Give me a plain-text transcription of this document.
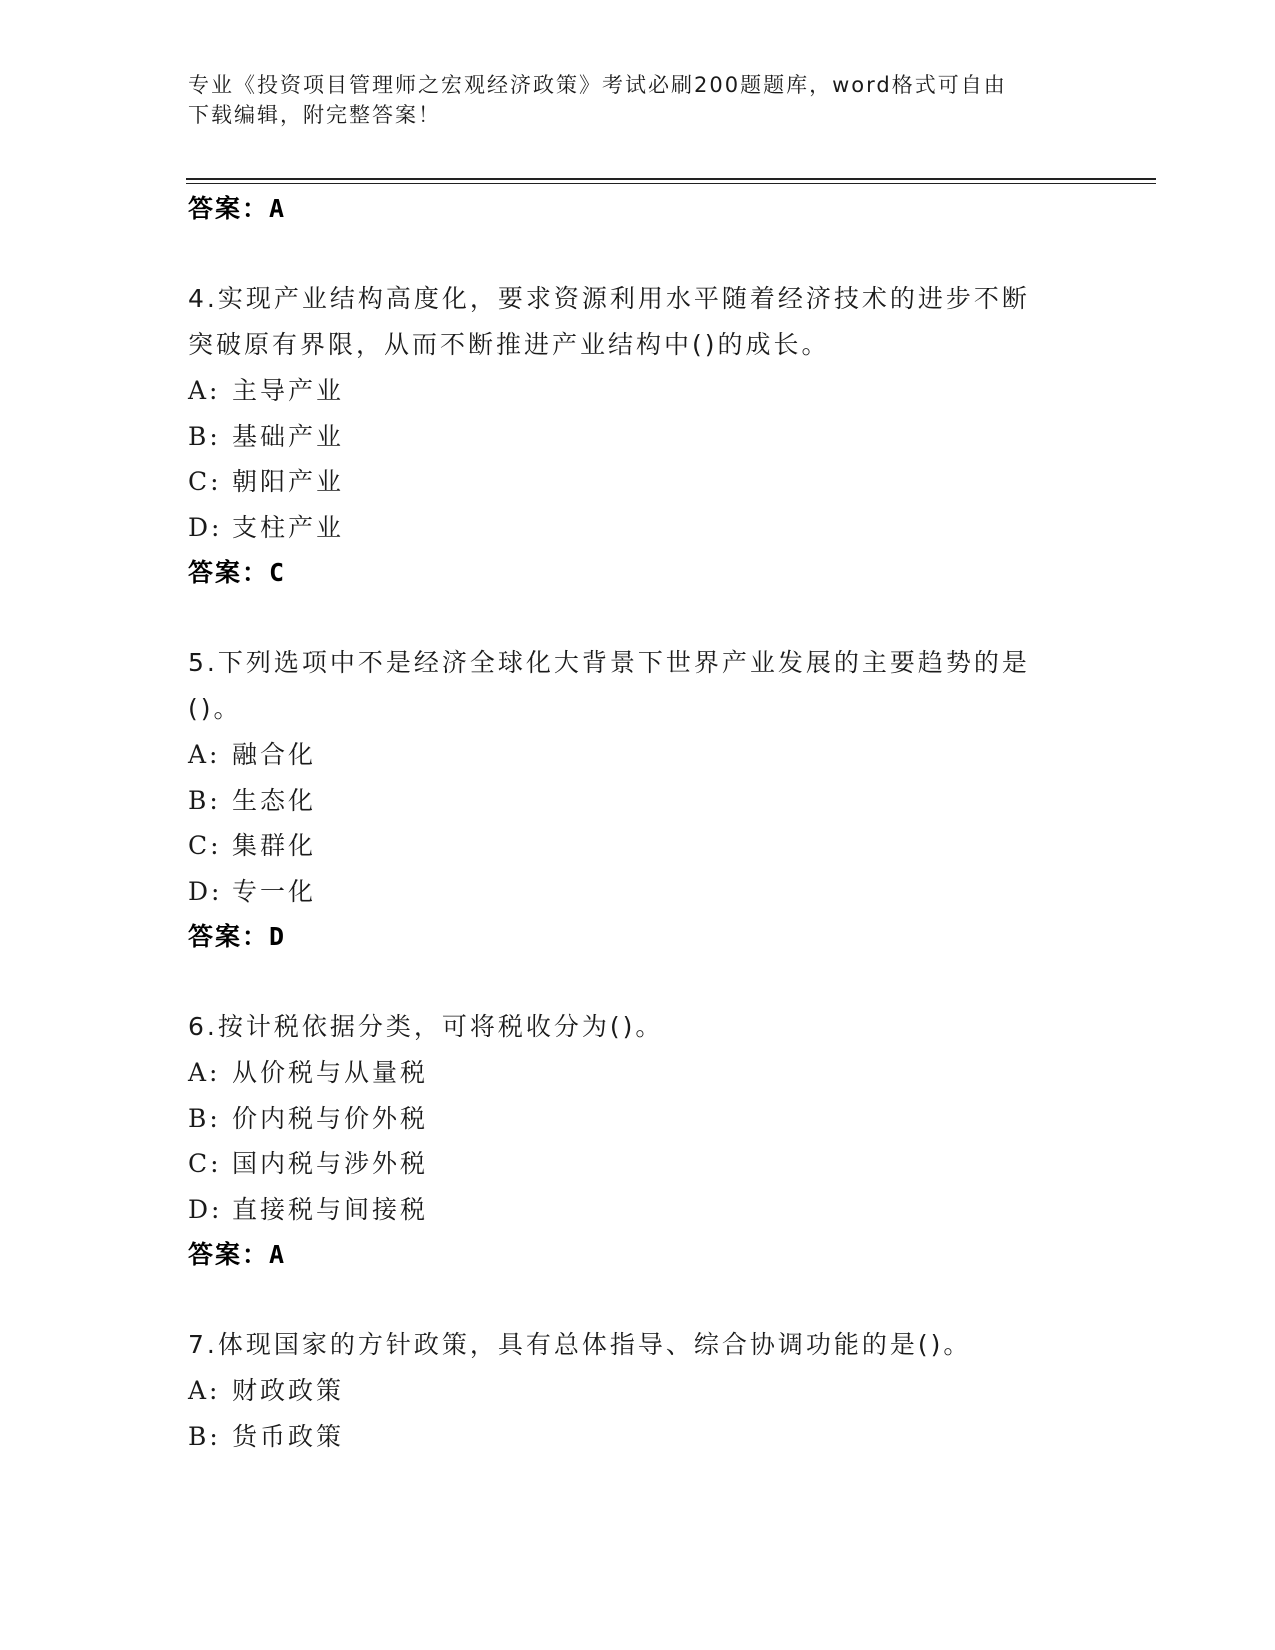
专业《投资项目管理师之宏观经济政策》考试必刷200题题库，word格式可自由
下载编辑，附完整答案！
答案：A
4.实现产业结构高度化，要求资源利用水平随着经济技术的进步不断
突破原有界限，从而不断推进产业结构中()的成长。
A: 主导产业
B: 基础产业
C: 朝阳产业
D: 支柱产业
答案：C
5.下列选项中不是经济全球化大背景下世界产业发展的主要趋势的是
()。
A: 融合化
B: 生态化
C: 集群化
D: 专一化
答案：D
6.按计税依据分类，可将税收分为()。
A: 从价税与从量税
B: 价内税与价外税
C: 国内税与涉外税
D: 直接税与间接税
答案：A
7.体现国家的方针政策，具有总体指导、综合协调功能的是()。
A: 财政政策
B: 货币政策
